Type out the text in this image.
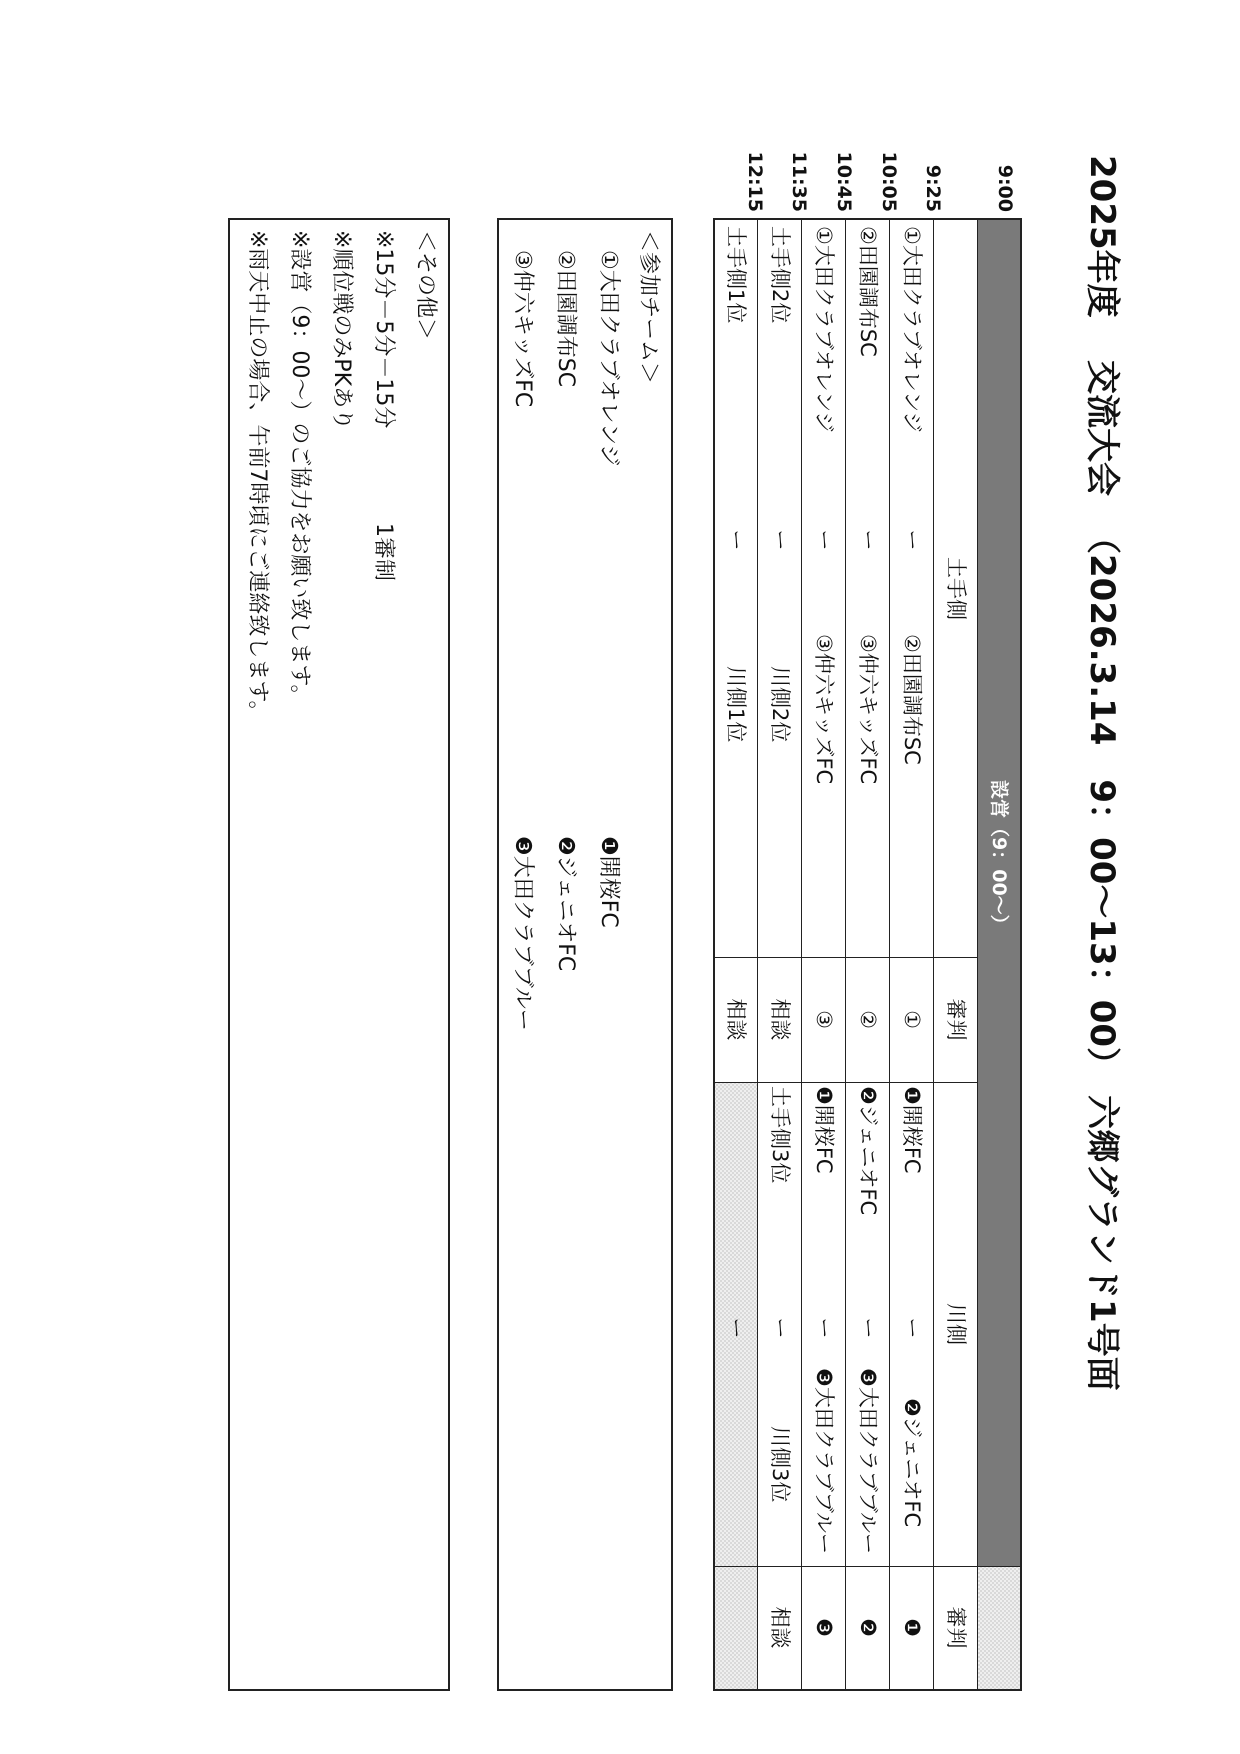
2025年度
交流大会
（2026.3.14　9：00〜13：00）
六郷グランド1号面
9:00
9:25
10:05
10:45
11:35
12:15
設営（9：00〜）
土手側
審判
川側
審判
①大田クラブオレンジ
ー
②田園調布SC
①
❶開桜FC
ー
❷ジェニオFC
❶
②田園調布SC
ー
③仲六キッズFC
②
❷ジェニオFC
ー
❸大田クラブブルー
❷
①大田クラブオレンジ
ー
③仲六キッズFC
③
❶開桜FC
ー
❸大田クラブブルー
❸
土手側2位
ー
川側2位
相談
土手側3位
ー
川側3位
相談
土手側1位
ー
川側1位
相談
ー
＜参加チーム＞
①大田クラブオレンジ
②田園調布SC
③仲六キッズFC
❶開桜FC
❷ジェニオFC
❸大田クラブブルー
＜その他＞
※15分－5分－15分
1審制
※順位戦のみPKあり
※設営（9：00〜）のご協力をお願い致します。
※雨天中止の場合、午前7時頃にご連絡致します。
